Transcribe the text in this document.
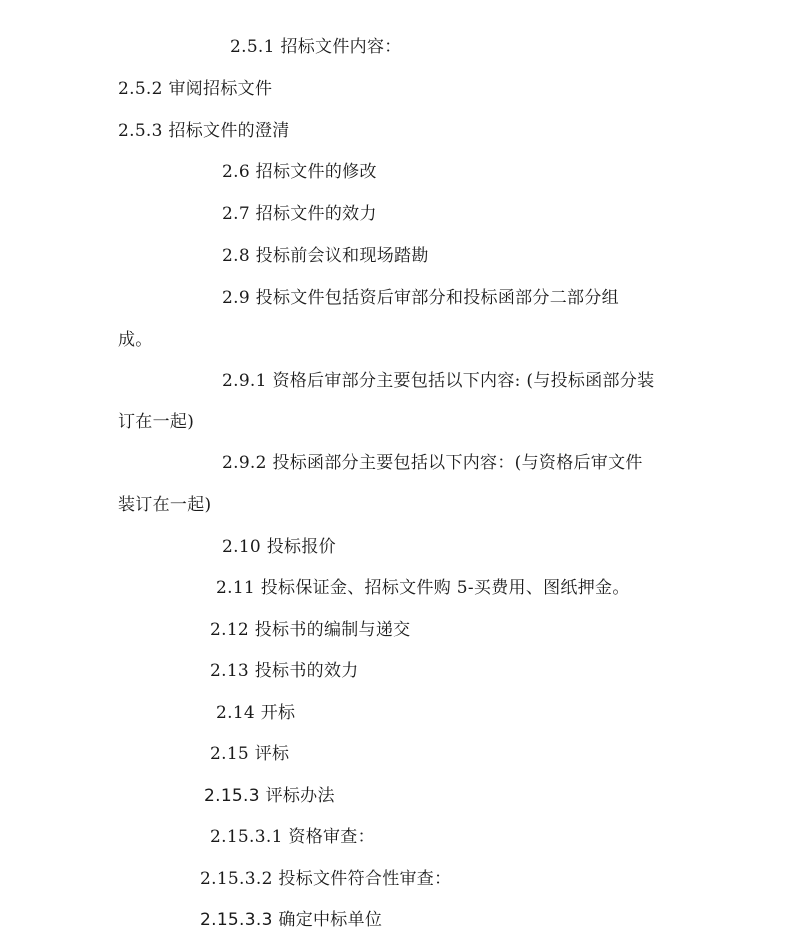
2.5.1 招标文件内容：
2.5.2 审阅招标文件
2.5.3 招标文件的澄清
2.6 招标文件的修改
2.7 招标文件的效力
2.8 投标前会议和现场踏勘
2.9 投标文件包括资后审部分和投标函部分二部分组
成。
2.9.1 资格后审部分主要包括以下内容: (与投标函部分装
订在一起)
2.9.2 投标函部分主要包括以下内容：(与资格后审文件
装订在一起)
2.10 投标报价
2.11 投标保证金、招标文件购 5-买费用、图纸押金。
2.12 投标书的编制与递交
2.13 投标书的效力
2.14 开标
2.15 评标
2.15.3 评标办法
2.15.3.1 资格审查：
2.15.3.2 投标文件符合性审查：
2.15.3.3 确定中标单位
